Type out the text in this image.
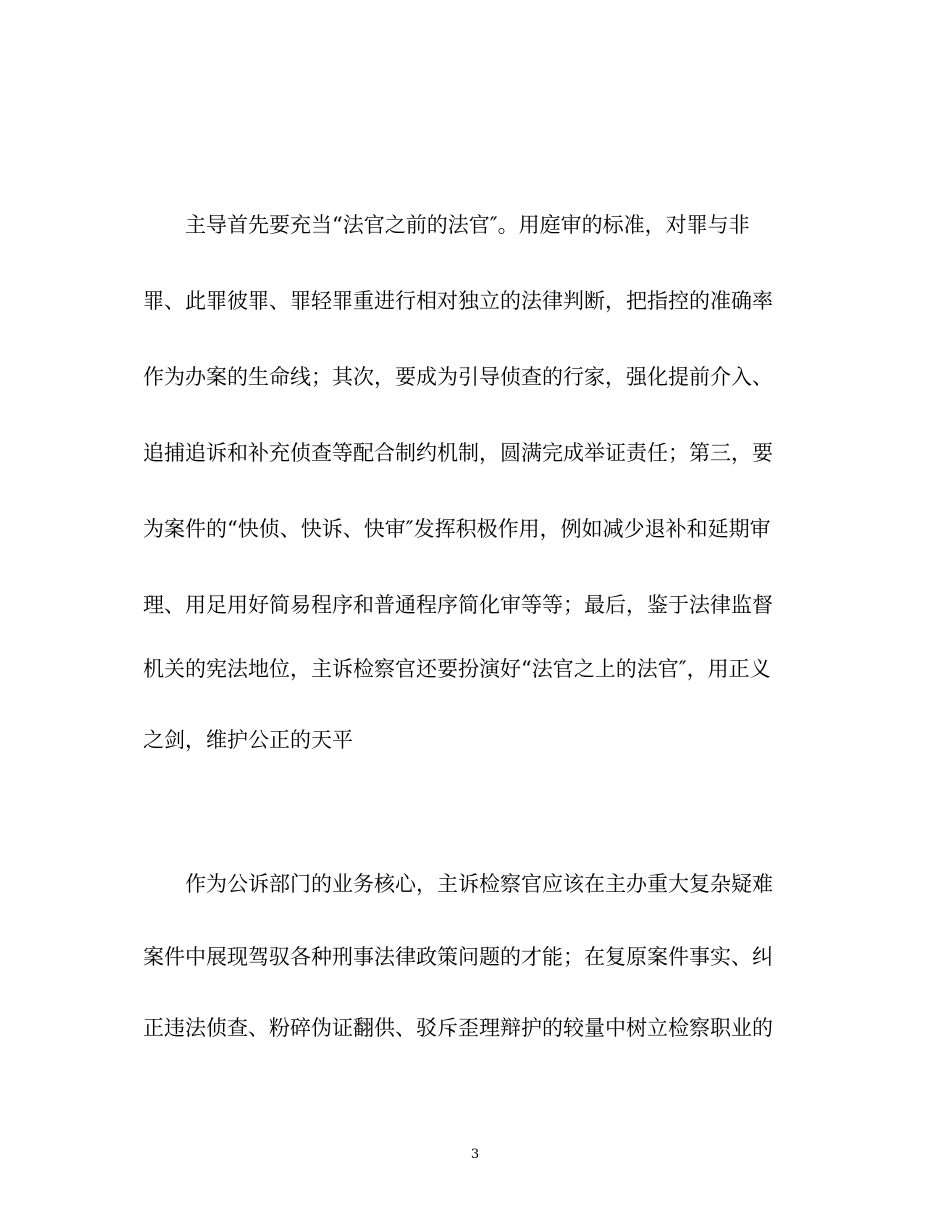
主导首先要充当“法官之前的法官″。用庭审的标准，对罪与非
罪、此罪彼罪、罪轻罪重进行相对独立的法律判断，把指控的准确率
作为办案的生命线；其次，要成为引导侦查的行家，强化提前介入、
追捕追诉和补充侦查等配合制约机制，圆满完成举证责任；第三，要
为案件的“快侦、快诉、快审″发挥积极作用，例如减少退补和延期审
理、用足用好简易程序和普通程序简化审等等；最后，鉴于法律监督
机关的宪法地位，主诉检察官还要扮演好“法官之上的法官″，用正义
之剑，维护公正的天平
作为公诉部门的业务核心，主诉检察官应该在主办重大复杂疑难
案件中展现驾驭各种刑事法律政策问题的才能；在复原案件事实、纠
正违法侦查、粉碎伪证翻供、驳斥歪理辩护的较量中树立检察职业的
3
